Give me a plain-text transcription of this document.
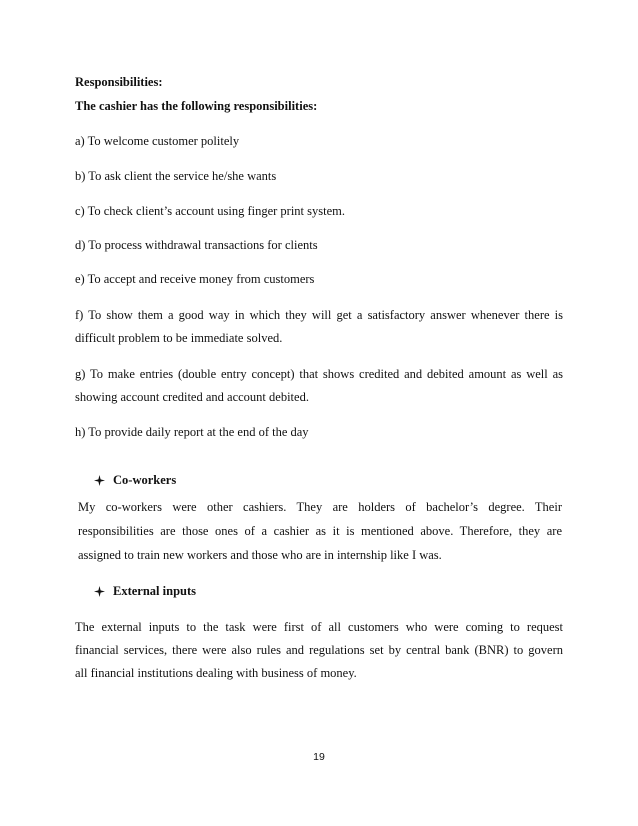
Responsibilities:
The cashier has the following responsibilities:
a) To welcome customer politely
b) To ask client the service he/she wants
c) To check client’s account using finger print system.
d) To process withdrawal transactions for clients
e) To accept and receive money from customers
f) To show them a good way in which they will get a satisfactory answer whenever there is
difficult problem to be immediate solved.
g) To make entries (double entry concept) that shows credited and debited amount as well as
showing account credited and account debited.
h) To provide daily report at the end of the day
Co-workers
My co-workers were other cashiers. They are holders of bachelor’s degree. Their
responsibilities are those ones of a cashier as it is mentioned above. Therefore, they are
assigned to train new workers and those who are in internship like I was.
External inputs
The external inputs to the task were first of all customers who were coming to request
financial services, there were also rules and regulations set by central bank (BNR) to govern
all financial institutions dealing with business of money.
19
